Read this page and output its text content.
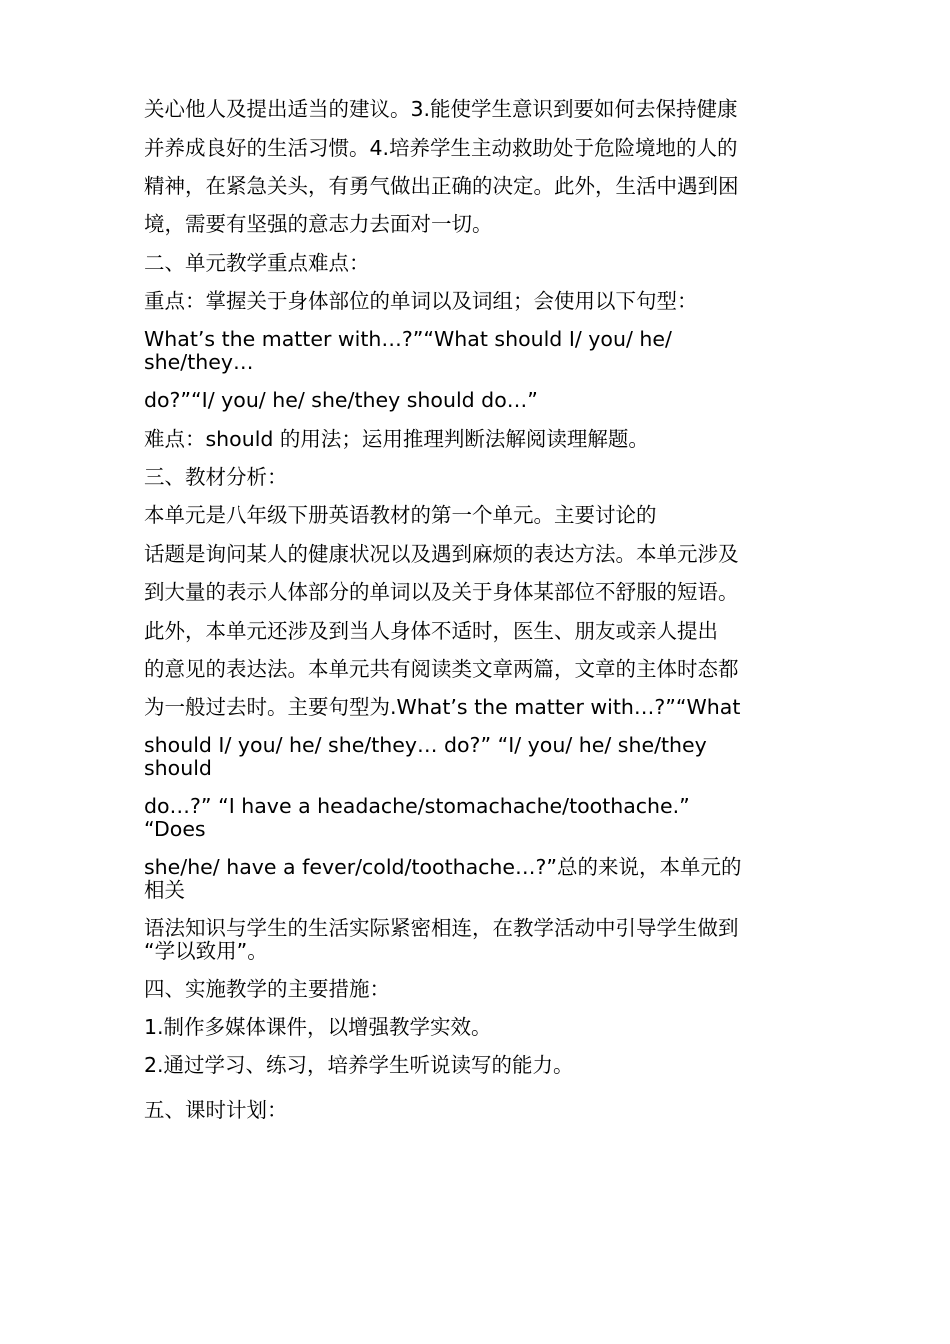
关心他人及提出适当的建议。3.能使学生意识到要如何去保持健康
并养成良好的生活习惯。4.培养学生主动救助处于危险境地的人的
精神，在紧急关头，有勇气做出正确的决定。此外，生活中遇到困
境，需要有坚强的意志力去面对一切。
二、单元教学重点难点：
重点：掌握关于身体部位的单词以及词组；会使用以下句型：
What’s the matter with…?”“What should I/ you/ he/
she/they…
do?”“I/ you/ he/ she/they should do…”
难点：should 的用法；运用推理判断法解阅读理解题。
三、教材分析：
本单元是八年级下册英语教材的第一个单元。主要讨论的
话题是询问某人的健康状况以及遇到麻烦的表达方法。本单元涉及
到大量的表示人体部分的单词以及关于身体某部位不舒服的短语。
此外，本单元还涉及到当人身体不适时，医生、朋友或亲人提出
的意见的表达法。本单元共有阅读类文章两篇，文章的主体时态都
为一般过去时。主要句型为.What’s the matter with…?”“What
should I/ you/ he/ she/they… do?” “I/ you/ he/ she/they
should
do…?” “I have a headache/stomachache/toothache.”
“Does
she/he/ have a fever/cold/toothache…?”总的来说，本单元的
相关
语法知识与学生的生活实际紧密相连，在教学活动中引导学生做到
“学以致用”。
四、实施教学的主要措施：
1.制作多媒体课件，以增强教学实效。
2.通过学习、练习，培养学生听说读写的能力。
五、课时计划：
